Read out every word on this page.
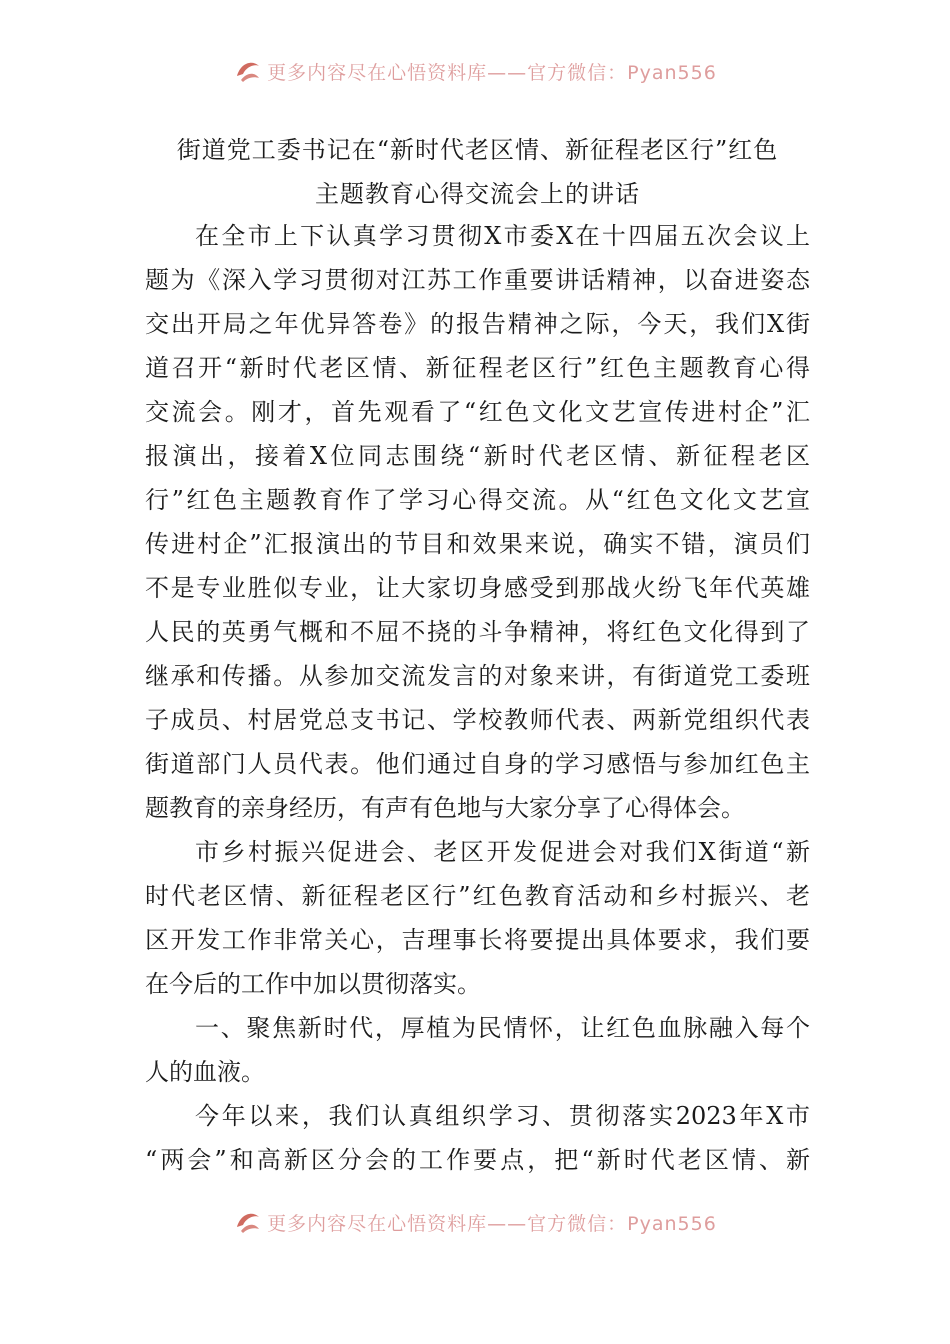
更多内容尽在心悟资料库——官方微信：Pyan556
街道党工委书记在“新时代老区情、新征程老区行”红色
主题教育心得交流会上的讲话
在全市上下认真学习贯彻X市委X在十四届五次会议上
题为《深入学习贯彻对江苏工作重要讲话精神，以奋进姿态
交出开局之年优异答卷》的报告精神之际，今天，我们X街
道召开“新时代老区情、新征程老区行”红色主题教育心得
交流会。刚才，首先观看了“红色文化文艺宣传进村企”汇
报演出，接着X位同志围绕“新时代老区情、新征程老区
行”红色主题教育作了学习心得交流。从“红色文化文艺宣
传进村企”汇报演出的节目和效果来说，确实不错，演员们
不是专业胜似专业，让大家切身感受到那战火纷飞年代英雄
人民的英勇气概和不屈不挠的斗争精神，将红色文化得到了
继承和传播。从参加交流发言的对象来讲，有街道党工委班
子成员、村居党总支书记、学校教师代表、两新党组织代表
街道部门人员代表。他们通过自身的学习感悟与参加红色主
题教育的亲身经历，有声有色地与大家分享了心得体会。
市乡村振兴促进会、老区开发促进会对我们X街道“新
时代老区情、新征程老区行”红色教育活动和乡村振兴、老
区开发工作非常关心，吉理事长将要提出具体要求，我们要
在今后的工作中加以贯彻落实。
一、聚焦新时代，厚植为民情怀，让红色血脉融入每个
人的血液。
今年以来，我们认真组织学习、贯彻落实2023年X市
“两会”和高新区分会的工作要点，把“新时代老区情、新
更多内容尽在心悟资料库——官方微信：Pyan556
